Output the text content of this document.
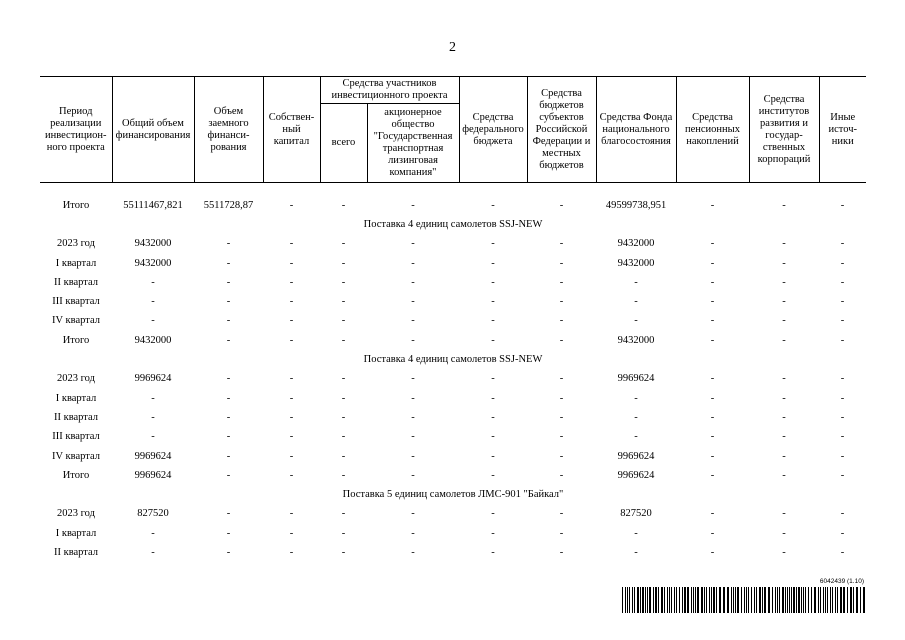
2
Период реализации инвестицион-ного проекта	Общий объем финансирования	Объем заемного финанси-рования	Собствен-ный капитал	Средства участников инвестиционного проекта		Средства федерального бюджета	Средства бюджетов субъектов Российской Федерации и местных бюджетов	Средства Фонда национального благосостояния	Средства пенсионных накоплений	Средства институтов развития и государ-ственных корпораций	Иные источ-ники
				всего	акционерное общество "Государственная транспортная лизинговая компания"						

Итого	55111467,821	5511728,87	-	-	-	-	-	49599738,951	-	-	-
Поставка 4 единиц самолетов SSJ-NEW											
2023 год	9432000	-	-	-	-	-	-	9432000	-	-	-
I квартал	9432000	-	-	-	-	-	-	9432000	-	-	-
II квартал	-	-	-	-	-	-	-	-	-	-	-
III квартал	-	-	-	-	-	-	-	-	-	-	-
IV квартал	-	-	-	-	-	-	-	-	-	-	-
Итого	9432000	-	-	-	-	-	-	9432000	-	-	-
Поставка 4 единиц самолетов SSJ-NEW											
2023 год	9969624	-	-	-	-	-	-	9969624	-	-	-
I квартал	-	-	-	-	-	-	-	-	-	-	-
II квартал	-	-	-	-	-	-	-	-	-	-	-
III квартал	-	-	-	-	-	-	-	-	-	-	-
IV квартал	9969624	-	-	-	-	-	-	9969624	-	-	-
Итого	9969624	-	-	-	-	-	-	9969624	-	-	-
Поставка 5 единиц самолетов ЛМС-901 "Байкал"											
2023 год	827520	-	-	-	-	-	-	827520	-	-	-
I квартал	-	-	-	-	-	-	-	-	-	-	-
II квартал	-	-	-	-	-	-	-	-	-	-	-
6042439 (1.10)
